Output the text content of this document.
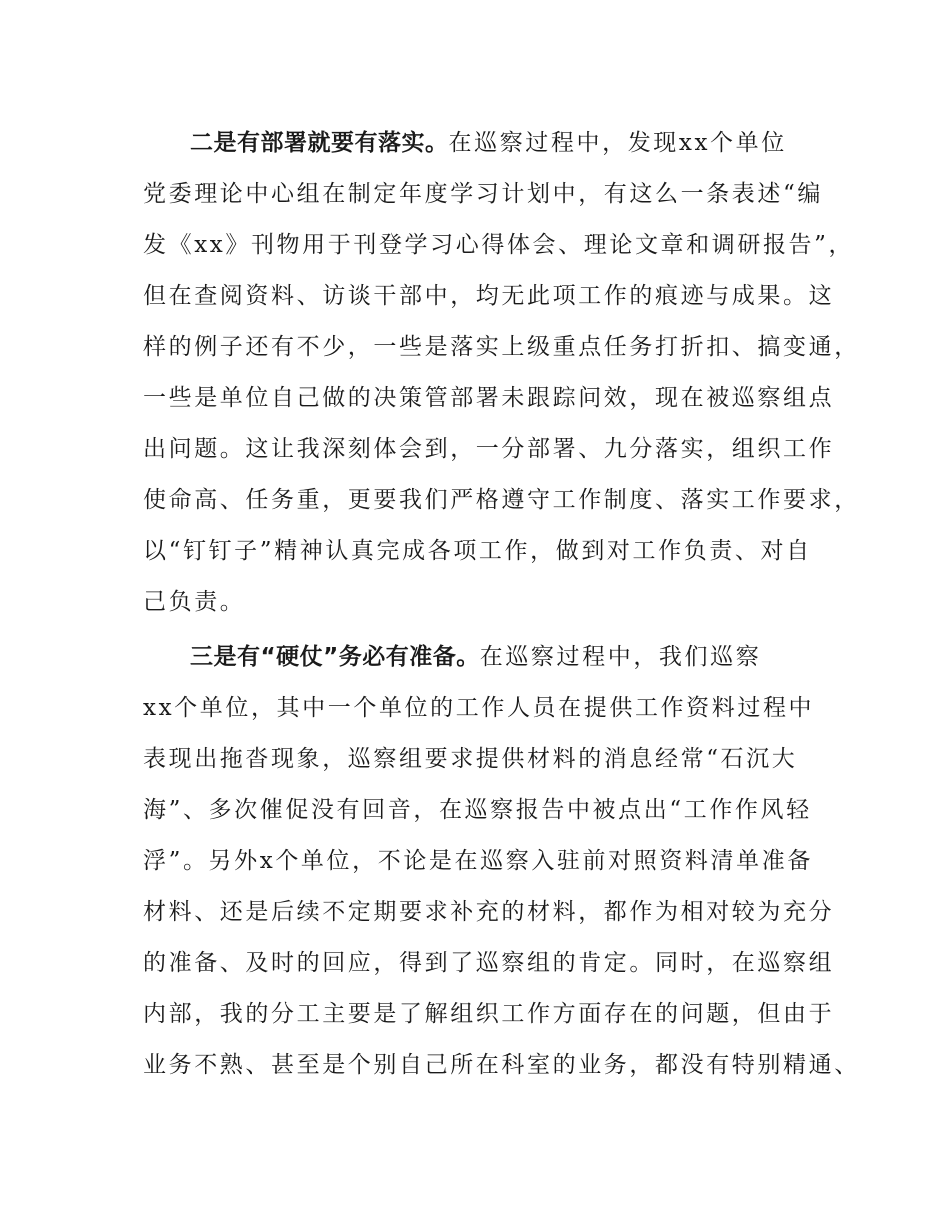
二是有部署就要有落实。在巡察过程中，发现xx个单位
党委理论中心组在制定年度学习计划中，有这么一条表述“编
发《xx》刊物用于刊登学习心得体会、理论文章和调研报告”，
但在查阅资料、访谈干部中，均无此项工作的痕迹与成果。这
样的例子还有不少，一些是落实上级重点任务打折扣、搞变通，
一些是单位自己做的决策管部署未跟踪问效，现在被巡察组点
出问题。这让我深刻体会到，一分部署、九分落实，组织工作
使命高、任务重，更要我们严格遵守工作制度、落实工作要求，
以“钉钉子”精神认真完成各项工作，做到对工作负责、对自
己负责。
三是有“硬仗”务必有准备。在巡察过程中，我们巡察
xx个单位，其中一个单位的工作人员在提供工作资料过程中
表现出拖沓现象，巡察组要求提供材料的消息经常“石沉大
海”、多次催促没有回音，在巡察报告中被点出“工作作风轻
浮”。另外x个单位，不论是在巡察入驻前对照资料清单准备
材料、还是后续不定期要求补充的材料，都作为相对较为充分
的准备、及时的回应，得到了巡察组的肯定。同时，在巡察组
内部，我的分工主要是了解组织工作方面存在的问题，但由于
业务不熟、甚至是个别自己所在科室的业务，都没有特别精通、
